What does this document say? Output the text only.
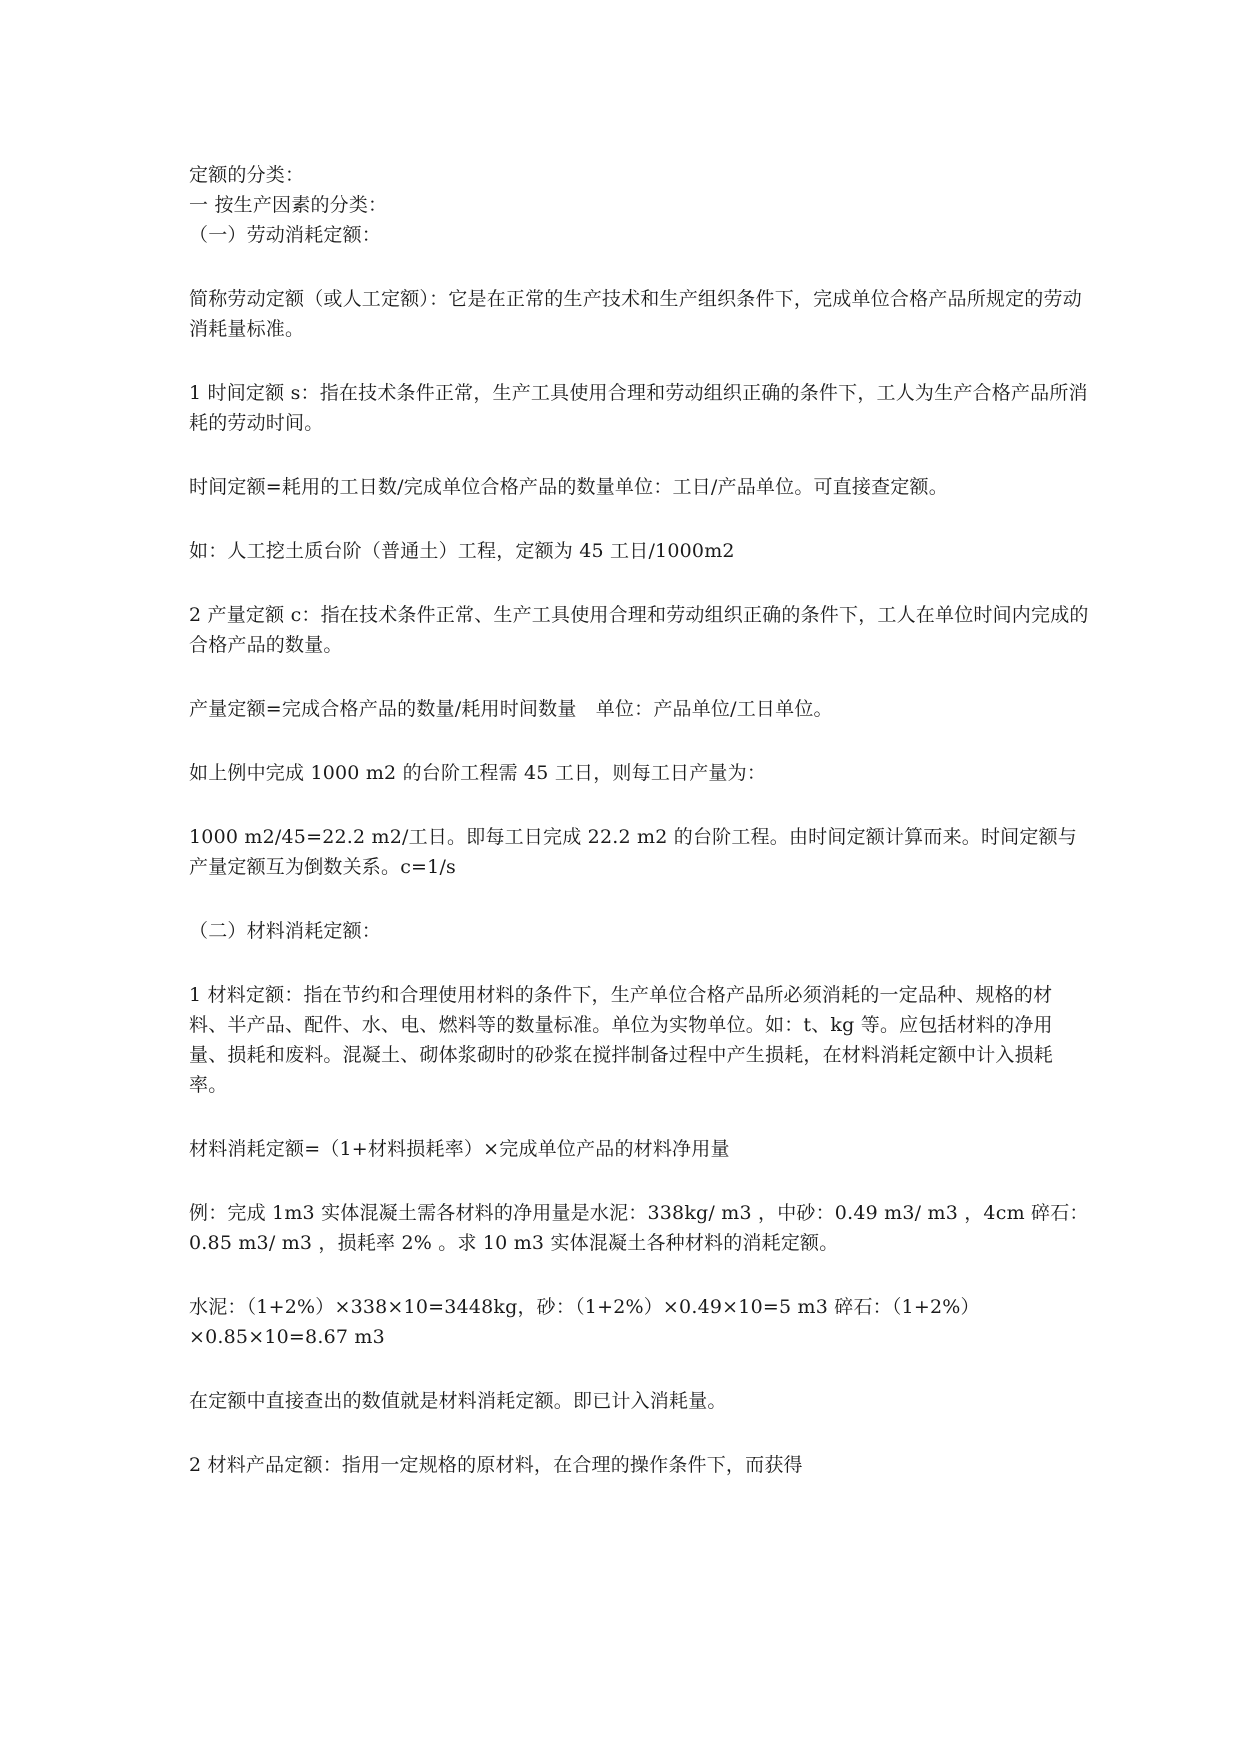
定额的分类：

一 按生产因素的分类：

（一）劳动消耗定额：

简称劳动定额（或人工定额）：它是在正常的生产技术和生产组织条件下，完成单位合格产品所规定的劳动消耗量标准。

1 时间定额 s：指在技术条件正常，生产工具使用合理和劳动组织正确的条件下，工人为生产合格产品所消耗的劳动时间。

时间定额=耗用的工日数/完成单位合格产品的数量单位：工日/产品单位。可直接查定额。

如：人工挖土质台阶（普通土）工程，定额为 45 工日/1000m2

2 产量定额 c：指在技术条件正常、生产工具使用合理和劳动组织正确的条件下，工人在单位时间内完成的合格产品的数量。

产量定额=完成合格产品的数量/耗用时间数量　单位：产品单位/工日单位。

如上例中完成 1000 m2 的台阶工程需 45 工日，则每工日产量为：

1000 m2/45=22.2 m2/工日。即每工日完成 22.2 m2 的台阶工程。由时间定额计算而来。时间定额与产量定额互为倒数关系。c=1/s

（二）材料消耗定额：

1 材料定额：指在节约和合理使用材料的条件下，生产单位合格产品所必须消耗的一定品种、规格的材料、半产品、配件、水、电、燃料等的数量标准。单位为实物单位。如：t、kg 等。应包括材料的净用量、损耗和废料。混凝土、砌体浆砌时的砂浆在搅拌制备过程中产生损耗，在材料消耗定额中计入损耗率。

材料消耗定额=（1+材料损耗率）×完成单位产品的材料净用量

例：完成 1m3 实体混凝土需各材料的净用量是水泥：338kg/ m3 ，中砂：0.49 m3/ m3 ，4cm 碎石：0.85 m3/ m3 ，损耗率 2% 。求 10 m3 实体混凝土各种材料的消耗定额。

水泥：（1+2%）×338×10=3448kg，砂：（1+2%）×0.49×10=5 m3 碎石：（1+2%）×0.85×10=8.67 m3

在定额中直接查出的数值就是材料消耗定额。即已计入消耗量。

2 材料产品定额：指用一定规格的原材料，在合理的操作条件下，而获得
